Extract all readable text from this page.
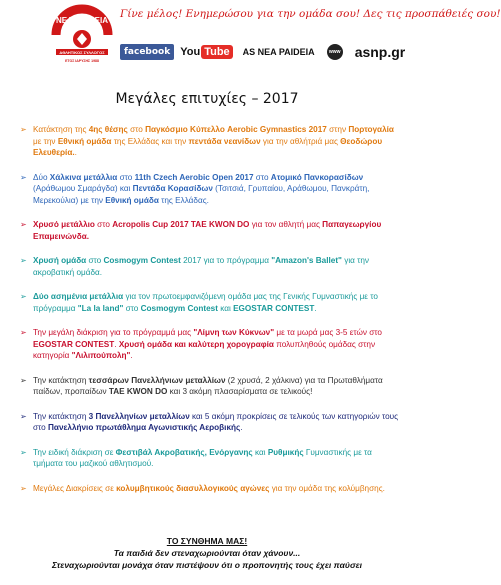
ΝΕΑ ΠΑΙΔΕΙΑ
ΑΘΛΗΤΙΚΟΣ ΣΥΛΛΟΓΟΣ
ΕΤΟΣ ΙΔΡΥΣΗΣ 1988
Γίνε μέλος! Ενημερώσου για την ομάδα σου! Δες τις προσπάθειές σου!
facebook You Tube	AS NEA PAIDEIA	www asnp.gr
Μεγάλες επιτυχίες – 2017
➢ Κατάκτηση της 4ης θέσης στο Παγκόσμιο Κύπελλο Aerobic Gymnastics 2017 στην Πορτογαλία με την Εθνική ομάδα της Ελλάδας και την πεντάδα νεανίδων για την αθλήτριά μας Θεοδώρου Ελευθερία..
➢ Δύο Χάλκινα μετάλλια στο 11th Czech Aerobic Open 2017 στο Ατομικό Πανκορασίδων (Αράθωμου Σμαράγδα) και Πεντάδα Κορασίδων (Τσιτσιά, Γρυπαίου, Αράθωμου, Πανκράτη, Μερεκούλια) με την Εθνική ομάδα της Ελλάδας.
➢ Χρυσό μετάλλιο στο Acropolis Cup 2017 TAE KWON DO για τον αθλητή μας Παπαγεωργίου Επαμεινώνδα.
➢ Χρυσή ομάδα στο Cosmogym Contest 2017 για το πρόγραμμα "Amazon's Ballet" για την ακροβατική ομάδα.
➢ Δύο ασημένια μετάλλια για τον πρωτοεμφανιζόμενη ομάδα μας της Γενικής Γυμναστικής με το πρόγραμμα "La la land" στο Cosmogym Contest και EGOSTAR CONTEST.
➢ Την μεγάλη διάκριση για το πρόγραμμά μας "Λίμνη των Κύκνων" με τα μωρά μας 3-5 ετών στο EGOSTAR CONTEST. Χρυσή ομάδα και καλύτερη χορογραφία πολυπληθούς ομάδας στην κατηγορία "Λιλιπούπολη".
➢ Την κατάκτηση τεσσάρων Πανελλήνιων μεταλλίων (2 χρυσά, 2 χάλκινα) για τα Πρωταθλήματα παίδων, προπαίδων TAE KWON DO και 3 ακόμη πλασαρίσματα σε τελικούς!
➢ Την κατάκτηση 3 Πανελληνίων μεταλλίων και 5 ακόμη προκρίσεις σε τελικούς των κατηγοριών τους στο Πανελλήνιο πρωτάθλημα Αγωνιστικής Αεροβικής.
➢ Την ειδική διάκριση σε Φεστιβάλ Ακροβατικής, Ενόργανης και Ρυθμικής Γυμναστικής με τα τμήματα του μαζικού αθλητισμού.
➢ Μεγάλες Διακρίσεις σε κολυμβητικούς διασυλλογικούς αγώνες για την ομάδα της κολύμβησης.
ΤΟ ΣΥΝΘΗΜΑ ΜΑΣ!
Τα παιδιά δεν στεναχωριούνται όταν χάνουν...
Στεναχωριούνται μονάχα όταν πιστέψουν ότι ο προπονητής τους έχει παύσει
